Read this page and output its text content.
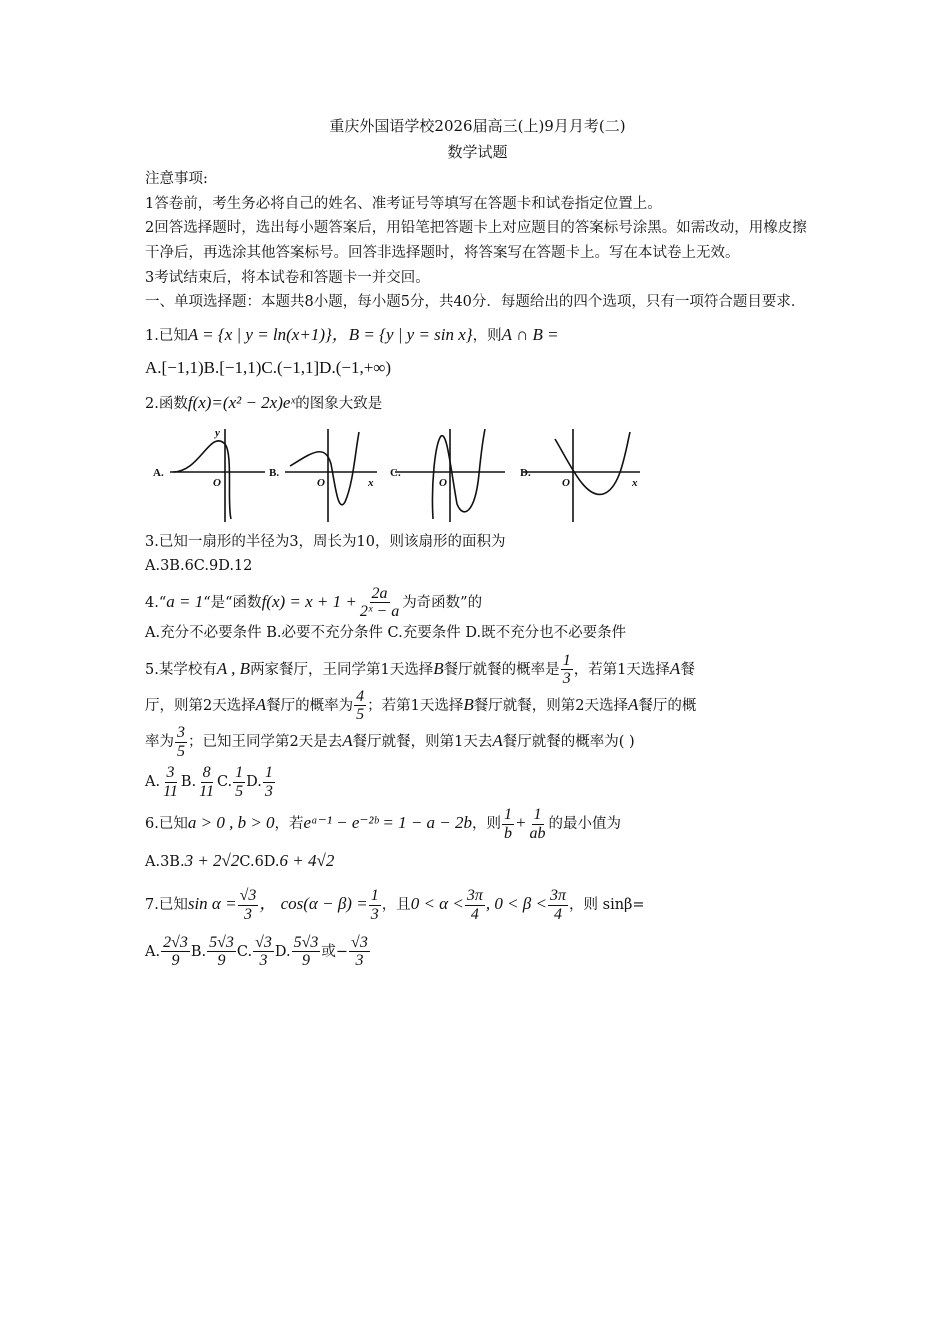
重庆外国语学校2026届高三(上)9月月考(二)

数学试题

注意事项:

1答卷前，考生务必将自己的姓名、准考证号等填写在答题卡和试卷指定位置上。

2回答选择题时，选出每小题答案后，用铅笔把答题卡上对应题目的答案标号涂黑。如需改动，用橡皮擦干净后，再选涂其他答案标号。回答非选择题时，将答案写在答题卡上。写在本试卷上无效。

3考试结束后，将本试卷和答题卡一并交回。

一、单项选择题：本题共8小题，每小题5分，共40分．每题给出的四个选项，只有一项符合题目要求．

1.已知A = {x | y = ln(x+1)}，B = {y | y = sin x}，则A ∩ B =

A.[−1,1)B.[−1,1)C.(−1,1]D.(−1,+∞)

2.函数f(x)=(x² − 2x)eˣ的图象大致是

A.	B.	C.	D.
y
O	O	x	O	O	x

3.已知一扇形的半径为3，周长为10，则该扇形的面积为

A.3B.6C.9D.12

4.“a = 1“是“函数$f(x) = x + 1 + \frac{2a}{\text{2ˣ − a}}$ 为奇函数”的

A.充分不必要条件 B.必要不充分条件 C.充要条件 D.既不充分也不必要条件

5.某学校有A , B两家餐厅，王同学第1天选择B餐厅就餐的概率是 $\frac{1}{3}$ ，若第1天选择A餐

厅，则第2天选择A餐厅的概率为 $\frac{4}{5}$ ；若第1天选择B餐厅就餐，则第2天选择A餐厅的概

率为 $\frac{3}{5}$ ；已知王同学第2天是去A餐厅就餐，则第1天去A餐厅就餐的概率为( )

A. $\frac{3}{11} B$. $\frac{8}{11} C$. $\frac{1}{5} D$. $\frac{1}{3}$

6.已知a > 0 , b > 0，若eᵃ⁻¹ − e⁻²ᵇ = 1 − a − 2b，则 $\frac{1}{b} + \frac{1}{ab}$ 的最小值为

A.3B.3 + 2√2C.6D.6 + 4√2

7.已知$\sin \alpha = \frac{√3}{3}$ ， $\cos(\alpha - \beta) = \frac{1}{3}$ ，且$0 < \alpha < \frac{3\pi}{4}$ , $0 < \beta < \frac{3\pi}{4}$ ，则 sinβ=

A. $\frac{2√3}{9} B$. $\frac{5√3}{9} C$. $\frac{√3}{3} D$. $\frac{5√3}{9}$ 或− $\frac{√3}{3}$
